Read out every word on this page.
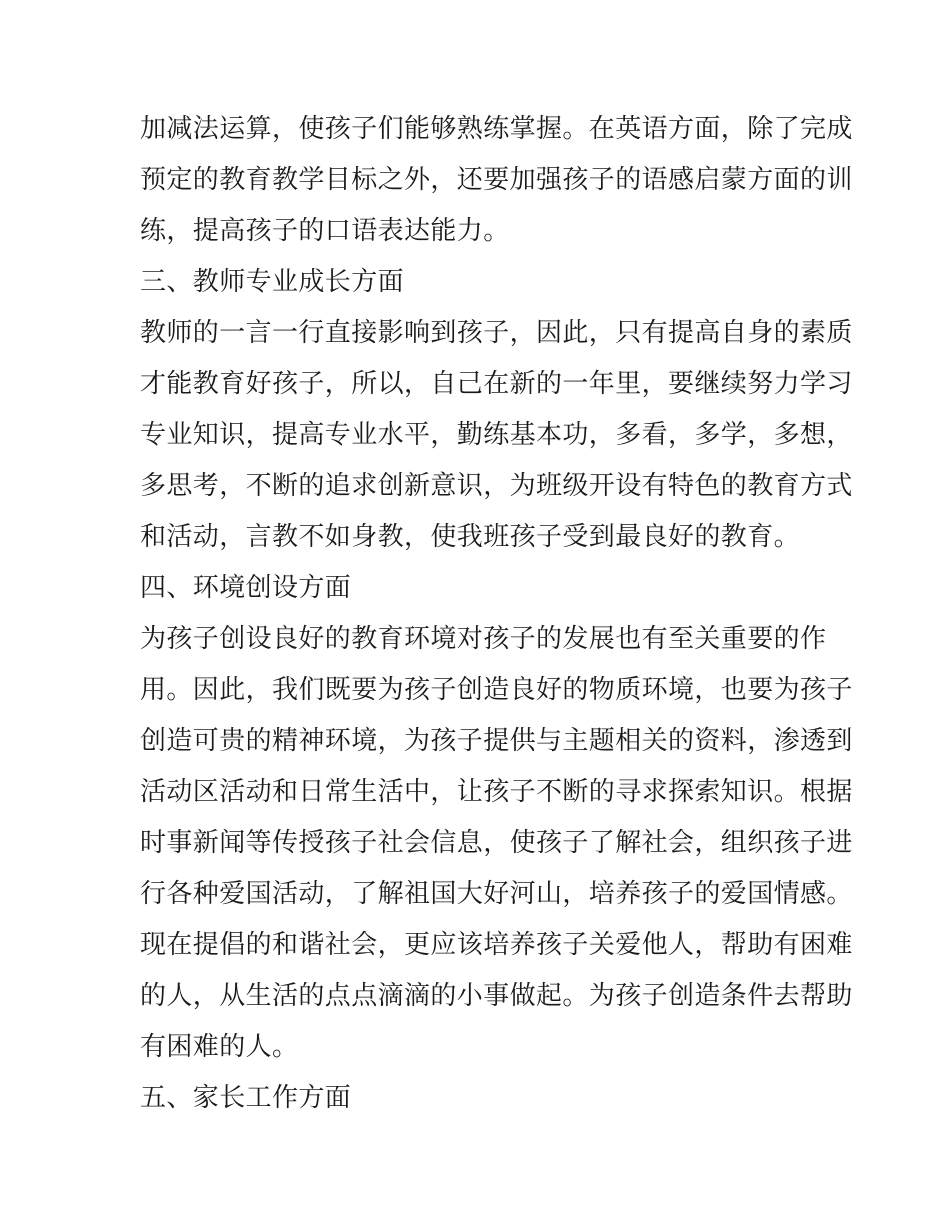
加减法运算，使孩子们能够熟练掌握。在英语方面，除了完成
预定的教育教学目标之外，还要加强孩子的语感启蒙方面的训
练，提高孩子的口语表达能力。
三、教师专业成长方面
教师的一言一行直接影响到孩子，因此，只有提高自身的素质
才能教育好孩子，所以，自己在新的一年里，要继续努力学习
专业知识，提高专业水平，勤练基本功，多看，多学，多想，
多思考，不断的追求创新意识，为班级开设有特色的教育方式
和活动，言教不如身教，使我班孩子受到最良好的教育。
四、环境创设方面
为孩子创设良好的教育环境对孩子的发展也有至关重要的作
用。因此，我们既要为孩子创造良好的物质环境，也要为孩子
创造可贵的精神环境，为孩子提供与主题相关的资料，渗透到
活动区活动和日常生活中，让孩子不断的寻求探索知识。根据
时事新闻等传授孩子社会信息，使孩子了解社会，组织孩子进
行各种爱国活动，了解祖国大好河山，培养孩子的爱国情感。
现在提倡的和谐社会，更应该培养孩子关爱他人，帮助有困难
的人，从生活的点点滴滴的小事做起。为孩子创造条件去帮助
有困难的人。
五、家长工作方面
